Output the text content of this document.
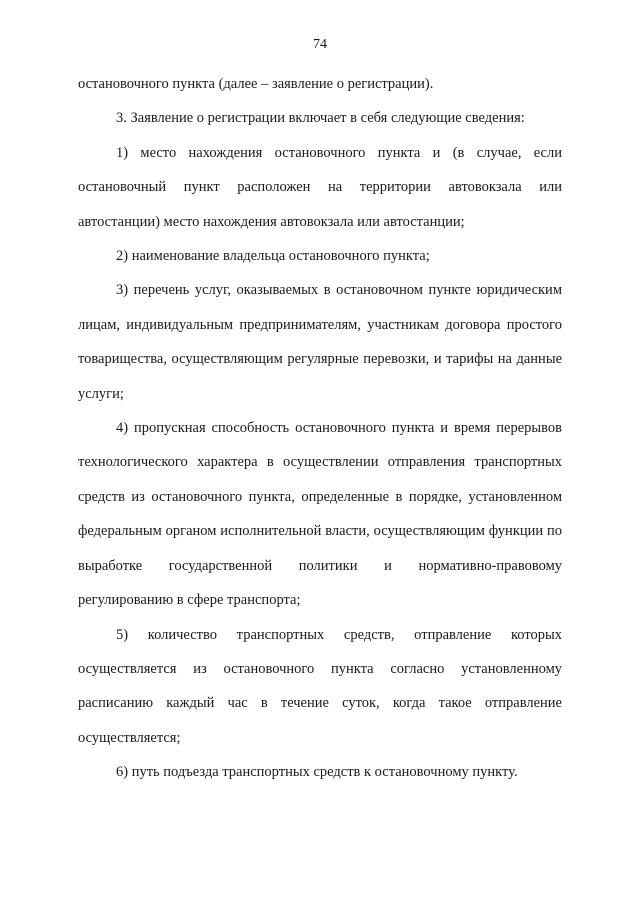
74

остановочного пункта (далее – заявление о регистрации).

3. Заявление о регистрации включает в себя следующие сведения:

1) место нахождения остановочного пункта и (в случае, если остановочный пункт расположен на территории автовокзала или автостанции) место нахождения автовокзала или автостанции;

2) наименование владельца остановочного пункта;

3) перечень услуг, оказываемых в остановочном пункте юридическим лицам, индивидуальным предпринимателям, участникам договора простого товарищества, осуществляющим регулярные перевозки, и тарифы на данные услуги;

4) пропускная способность остановочного пункта и время перерывов технологического характера в осуществлении отправления транспортных средств из остановочного пункта, определенные в порядке, установленном федеральным органом исполнительной власти, осуществляющим функции по выработке государственной политики и нормативно-правовому регулированию в сфере транспорта;

5) количество транспортных средств, отправление которых осуществляется из остановочного пункта согласно установленному расписанию каждый час в течение суток, когда такое отправление осуществляется;

6) путь подъезда транспортных средств к остановочному пункту.
